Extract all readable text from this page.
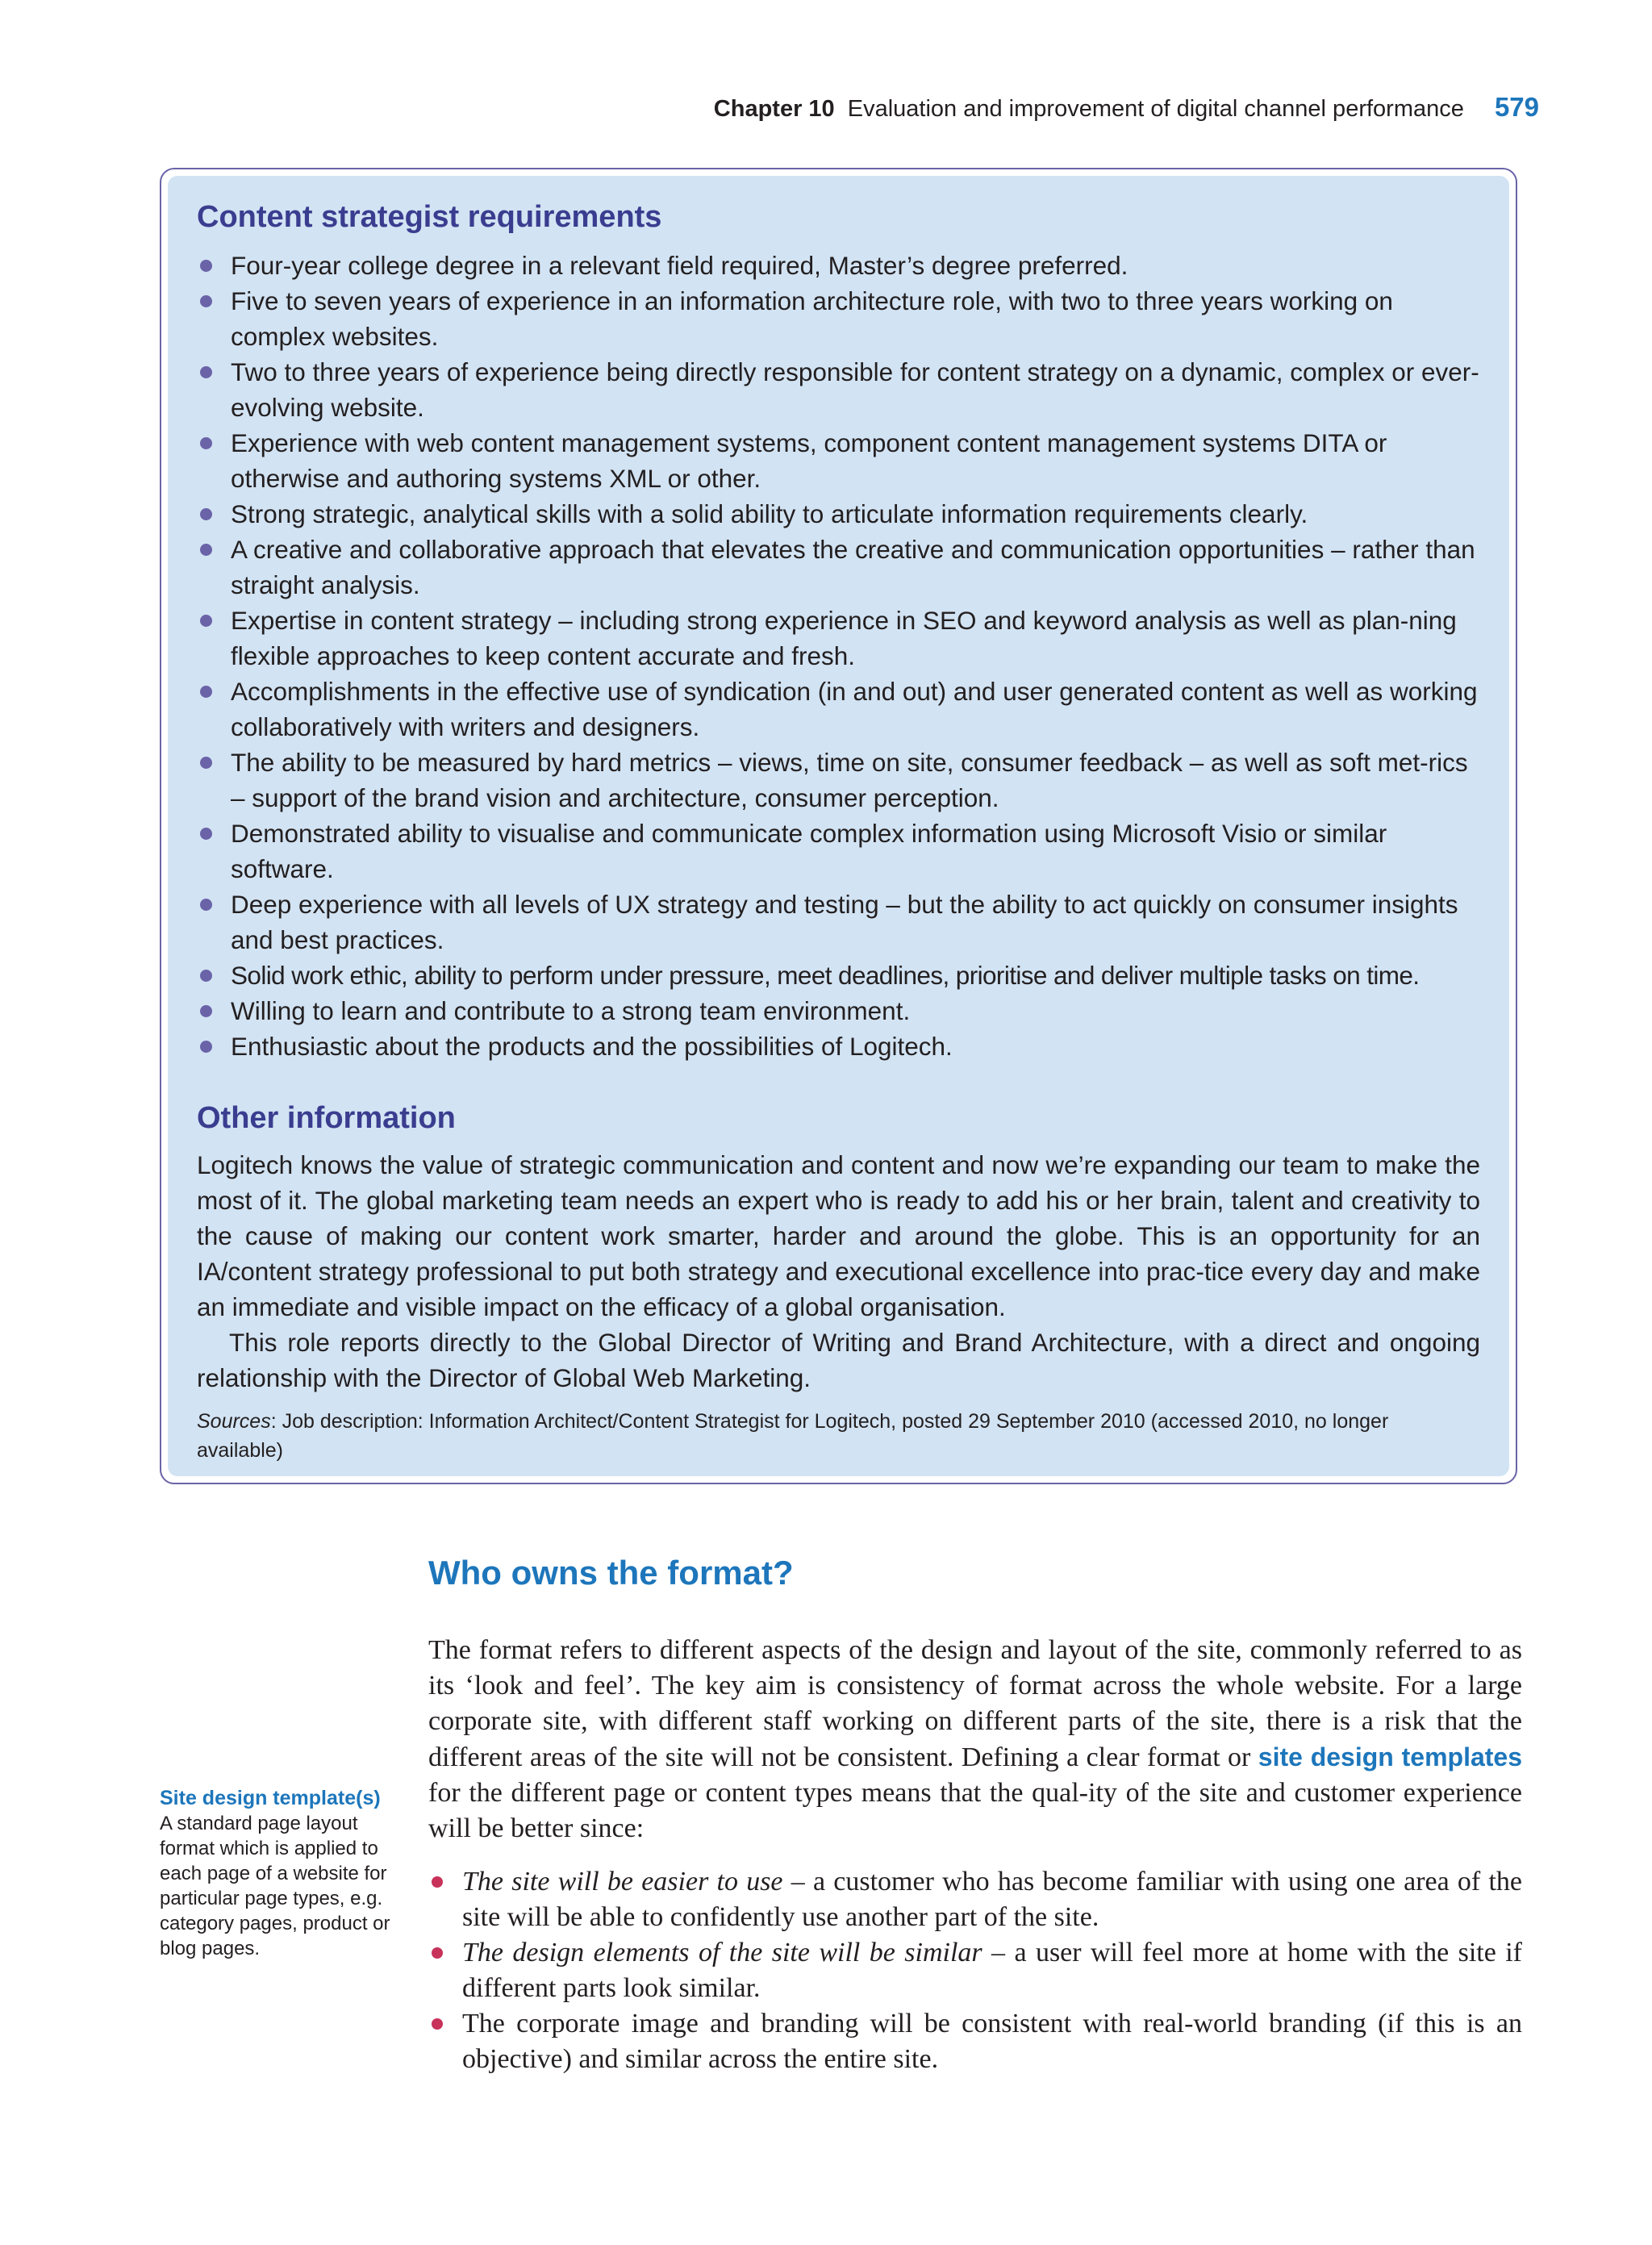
Chapter 10 Evaluation and improvement of digital channel performance 579
Content strategist requirements
Four-year college degree in a relevant field required, Master’s degree preferred.
Five to seven years of experience in an information architecture role, with two to three years working on complex websites.
Two to three years of experience being directly responsible for content strategy on a dynamic, complex or ever-evolving website.
Experience with web content management systems, component content management systems DITA or otherwise and authoring systems XML or other.
Strong strategic, analytical skills with a solid ability to articulate information requirements clearly.
A creative and collaborative approach that elevates the creative and communication opportunities – rather than straight analysis.
Expertise in content strategy – including strong experience in SEO and keyword analysis as well as plan-ning flexible approaches to keep content accurate and fresh.
Accomplishments in the effective use of syndication (in and out) and user generated content as well as working collaboratively with writers and designers.
The ability to be measured by hard metrics – views, time on site, consumer feedback – as well as soft met-rics – support of the brand vision and architecture, consumer perception.
Demonstrated ability to visualise and communicate complex information using Microsoft Visio or similar software.
Deep experience with all levels of UX strategy and testing – but the ability to act quickly on consumer insights and best practices.
Solid work ethic, ability to perform under pressure, meet deadlines, prioritise and deliver multiple tasks on time.
Willing to learn and contribute to a strong team environment.
Enthusiastic about the products and the possibilities of Logitech.
Other information

Logitech knows the value of strategic communication and content and now we’re expanding our team to make the most of it. The global marketing team needs an expert who is ready to add his or her brain, talent and creativity to the cause of making our content work smarter, harder and around the globe. This is an opportunity for an IA/content strategy professional to put both strategy and executional excellence into prac-tice every day and make an immediate and visible impact on the efficacy of a global organisation.

This role reports directly to the Global Director of Writing and Brand Architecture, with a direct and ongoing relationship with the Director of Global Web Marketing.

Sources: Job description: Information Architect/Content Strategist for Logitech, posted 29 September 2010 (accessed 2010, no longer available)
Who owns the format?

The format refers to different aspects of the design and layout of the site, commonly referred to as its ‘look and feel’. The key aim is consistency of format across the whole website. For a large corporate site, with different staff working on different parts of the site, there is a risk that the different areas of the site will not be consistent. Defining a clear format or site design templates for the different page or content types means that the qual-ity of the site and customer experience will be better since:

The site will be easier to use – a customer who has become familiar with using one area of the site will be able to confidently use another part of the site.
The design elements of the site will be similar – a user will feel more at home with the site if different parts look similar.
The corporate image and branding will be consistent with real-world branding (if this is an objective) and similar across the entire site.
Site design template(s)
A standard page layout format which is applied to each page of a website for particular page types, e.g. category pages, product or blog pages.
